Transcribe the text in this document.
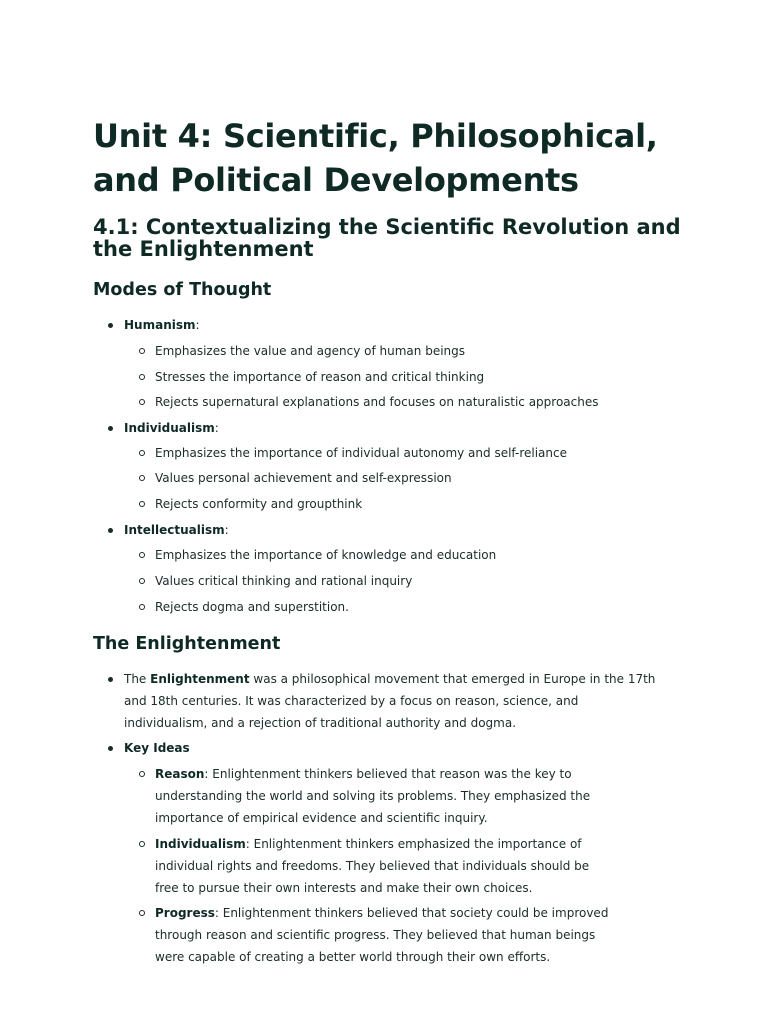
Unit 4: Scientific, Philosophical, and Political Developments
4.1: Contextualizing the Scientific Revolution and the Enlightenment
Modes of Thought
Humanism:
Emphasizes the value and agency of human beings
Stresses the importance of reason and critical thinking
Rejects supernatural explanations and focuses on naturalistic approaches
Individualism:
Emphasizes the importance of individual autonomy and self-reliance
Values personal achievement and self-expression
Rejects conformity and groupthink
Intellectualism:
Emphasizes the importance of knowledge and education
Values critical thinking and rational inquiry
Rejects dogma and superstition.
The Enlightenment
The Enlightenment was a philosophical movement that emerged in Europe in the 17th and 18th centuries. It was characterized by a focus on reason, science, and individualism, and a rejection of traditional authority and dogma.
Key Ideas
Reason: Enlightenment thinkers believed that reason was the key to understanding the world and solving its problems. They emphasized the importance of empirical evidence and scientific inquiry.
Individualism: Enlightenment thinkers emphasized the importance of individual rights and freedoms. They believed that individuals should be free to pursue their own interests and make their own choices.
Progress: Enlightenment thinkers believed that society could be improved through reason and scientific progress. They believed that human beings were capable of creating a better world through their own efforts.
